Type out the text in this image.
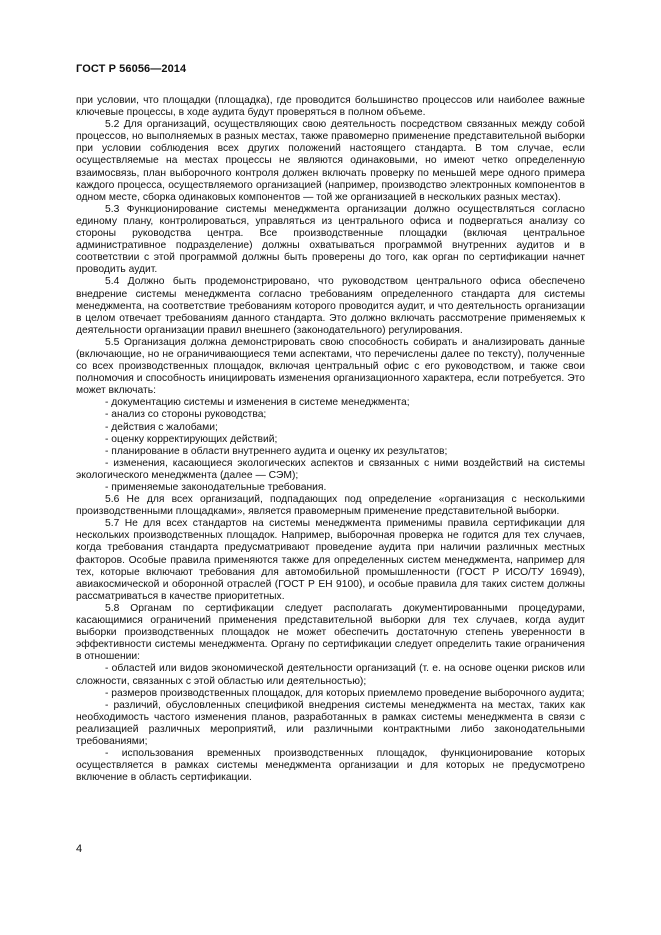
ГОСТ Р 56056—2014

при условии, что площадки (площадка), где проводится большинство процессов или наиболее важные ключевые процессы, в ходе аудита будут проверяться в полном объеме.

5.2 Для организаций, осуществляющих свою деятельность посредством связанных между собой процессов, но выполняемых в разных местах, также правомерно применение представительной выборки при условии соблюдения всех других положений настоящего стандарта. В том случае, если осуществляемые на местах процессы не являются одинаковыми, но имеют четко определенную взаимосвязь, план выборочного контроля должен включать проверку по меньшей мере одного примера каждого процесса, осуществляемого организацией (например, производство электронных компонентов в одном месте, сборка одинаковых компонентов — той же организацией в нескольких разных местах).

5.3 Функционирование системы менеджмента организации должно осуществляться согласно единому плану, контролироваться, управляться из центрального офиса и подвергаться анализу со стороны руководства центра. Все производственные площадки (включая центральное административное подразделение) должны охватываться программой внутренних аудитов и в соответствии с этой программой должны быть проверены до того, как орган по сертификации начнет проводить аудит.

5.4 Должно быть продемонстрировано, что руководством центрального офиса обеспечено внедрение системы менеджмента согласно требованиям определенного стандарта для системы менеджмента, на соответствие требованиям которого проводится аудит, и что деятельность организации в целом отвечает требованиям данного стандарта. Это должно включать рассмотрение применяемых к деятельности организации правил внешнего (законодательного) регулирования.

5.5 Организация должна демонстрировать свою способность собирать и анализировать данные (включающие, но не ограничивающиеся теми аспектами, что перечислены далее по тексту), полученные со всех производственных площадок, включая центральный офис с его руководством, и также свои полномочия и способность инициировать изменения организационного характера, если потребуется. Это может включать:

- документацию системы и изменения в системе менеджмента;

- анализ со стороны руководства;

- действия с жалобами;

- оценку корректирующих действий;

- планирование в области внутреннего аудита и оценку их результатов;

- изменения, касающиеся экологических аспектов и связанных с ними воздействий на системы экологического менеджмента (далее — СЭМ);

- применяемые законодательные требования.

5.6 Не для всех организаций, подпадающих под определение «организация с несколькими производственными площадками», является правомерным применение представительной выборки.

5.7 Не для всех стандартов на системы менеджмента применимы правила сертификации для нескольких производственных площадок. Например, выборочная проверка не годится для тех случаев, когда требования стандарта предусматривают проведение аудита при наличии различных местных факторов. Особые правила применяются также для определенных систем менеджмента, например для тех, которые включают требования для автомобильной промышленности (ГОСТ Р ИСО/ТУ 16949), авиакосмической и оборонной отраслей (ГОСТ Р ЕН 9100), и особые правила для таких систем должны рассматриваться в качестве приоритетных.

5.8 Органам по сертификации следует располагать документированными процедурами, касающимися ограничений применения представительной выборки для тех случаев, когда аудит выборки производственных площадок не может обеспечить достаточную степень уверенности в эффективности системы менеджмента. Органу по сертификации следует определить такие ограничения в отношении:

- областей или видов экономической деятельности организаций (т. е. на основе оценки рисков или сложности, связанных с этой областью или деятельностью);

- размеров производственных площадок, для которых приемлемо проведение выборочного аудита;

- различий, обусловленных спецификой внедрения системы менеджмента на местах, таких как необходимость частого изменения планов, разработанных в рамках системы менеджмента в связи с реализацией различных мероприятий, или различными контрактными либо законодательными требованиями;

- использования временных производственных площадок, функционирование которых осуществляется в рамках системы менеджмента организации и для которых не предусмотрено включение в область сертификации.

4
